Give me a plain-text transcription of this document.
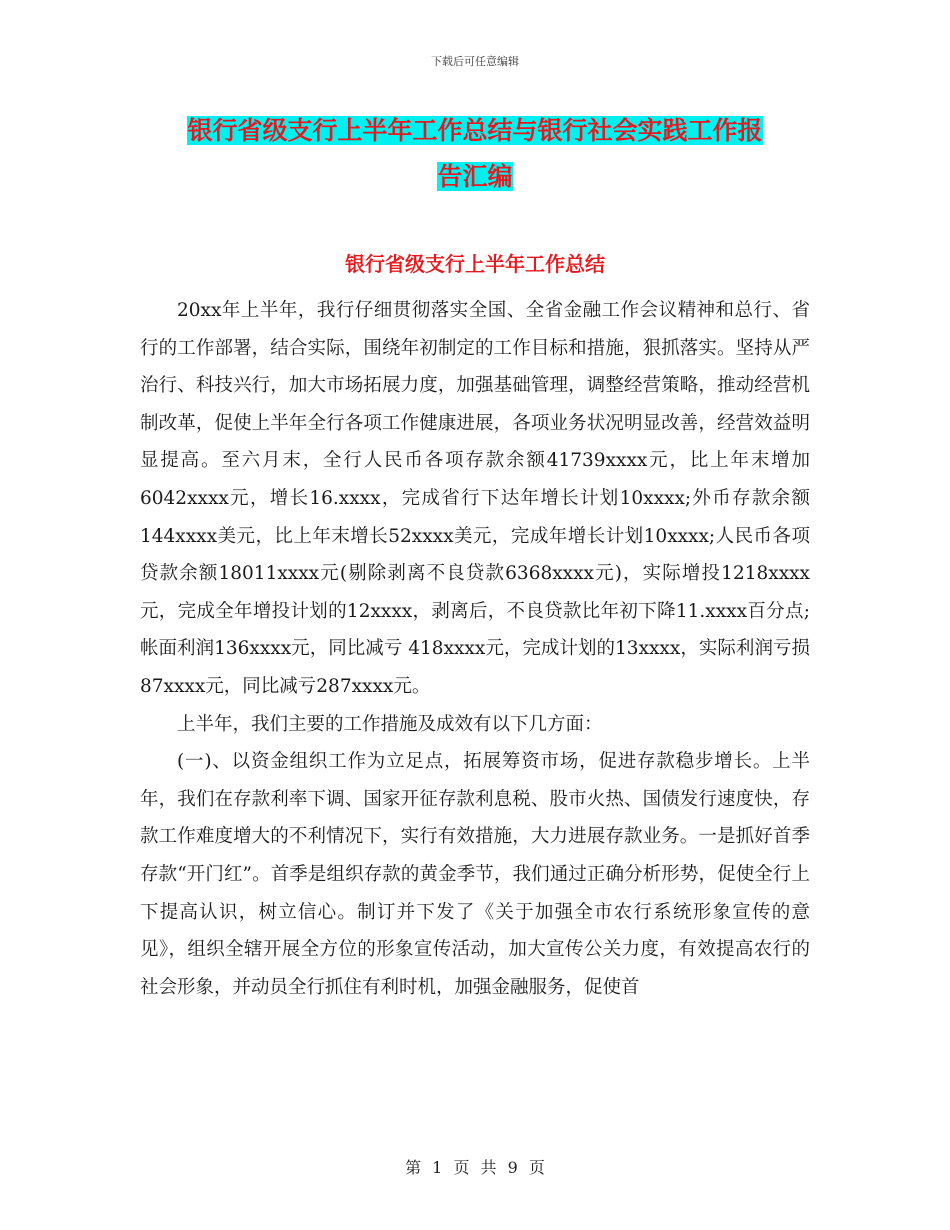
下载后可任意编辑
银行省级支行上半年工作总结与银行社会实践工作报
告汇编
银行省级支行上半年工作总结

20xx年上半年，我行仔细贯彻落实全国、全省金融工作会议精神和总行、省行的工作部署，结合实际，围绕年初制定的工作目标和措施，狠抓落实。坚持从严治行、科技兴行，加大市场拓展力度，加强基础管理，调整经营策略，推动经营机制改革，促使上半年全行各项工作健康进展，各项业务状况明显改善，经营效益明显提高。至六月末，全行人民币各项存款余额41739xxxx元，比上年末增加6042xxxx元，增长16.xxxx，完成省行下达年增长计划10xxxx;外币存款余额144xxxx美元，比上年末增长52xxxx美元，完成年增长计划10xxxx;人民币各项贷款余额18011xxxx元(剔除剥离不良贷款6368xxxx元)，实际增投1218xxxx元，完成全年增投计划的12xxxx，剥离后，不良贷款比年初下降11.xxxx百分点;帐面利润136xxxx元，同比减亏 418xxxx元，完成计划的13xxxx，实际利润亏损87xxxx元，同比减亏287xxxx元。

上半年，我们主要的工作措施及成效有以下几方面：

(一)、以资金组织工作为立足点，拓展筹资市场，促进存款稳步增长。上半年，我们在存款利率下调、国家开征存款利息税、股市火热、国债发行速度快，存款工作难度增大的不利情况下，实行有效措施，大力进展存款业务。一是抓好首季存款“开门红”。首季是组织存款的黄金季节，我们通过正确分析形势，促使全行上下提高认识，树立信心。制订并下发了《关于加强全市农行系统形象宣传的意见》，组织全辖开展全方位的形象宣传活动，加大宣传公关力度，有效提高农行的社会形象，并动员全行抓住有利时机，加强金融服务，促使首

第 1 页 共 9 页
